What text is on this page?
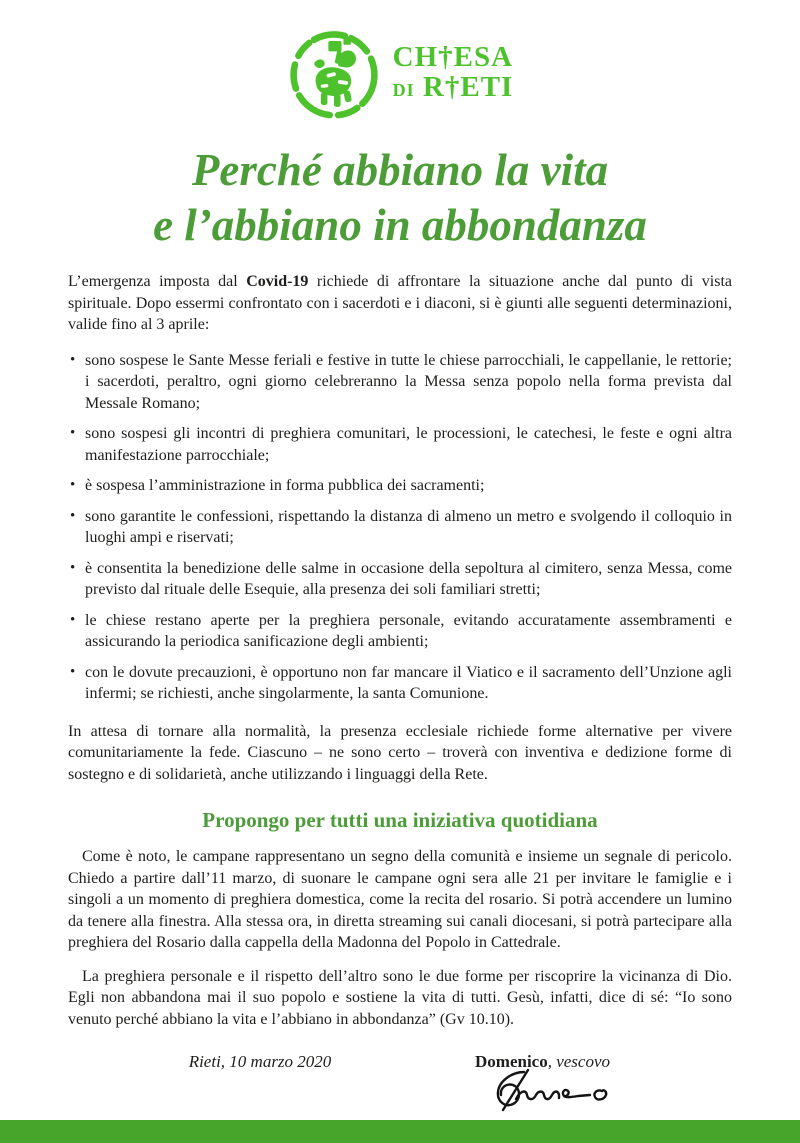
CH†ESA
DI R†ETI
Perché abbiano la vita
e l’abbiano in abbondanza

L’emergenza imposta dal Covid-19 richiede di affrontare la situazione anche dal punto di vista spirituale. Dopo essermi confrontato con i sacerdoti e i diaconi, si è giunti alle seguenti determinazioni, valide fino al 3 aprile:

• sono sospese le Sante Messe feriali e festive in tutte le chiese parrocchiali, le cappellanie, le rettorie; i sacerdoti, peraltro, ogni giorno celebreranno la Messa senza popolo nella forma prevista dal Messale Romano;
• sono sospesi gli incontri di preghiera comunitari, le processioni, le catechesi, le feste e ogni altra manifestazione parrocchiale;
• è sospesa l’amministrazione in forma pubblica dei sacramenti;
• sono garantite le confessioni, rispettando la distanza di almeno un metro e svolgendo il colloquio in luoghi ampi e riservati;
• è consentita la benedizione delle salme in occasione della sepoltura al cimitero, senza Messa, come previsto dal rituale delle Esequie, alla presenza dei soli familiari stretti;
• le chiese restano aperte per la preghiera personale, evitando accuratamente assembramenti e assicurando la periodica sanificazione degli ambienti;
• con le dovute precauzioni, è opportuno non far mancare il Viatico e il sacramento dell’Unzione agli infermi; se richiesti, anche singolarmente, la santa Comunione.

In attesa di tornare alla normalità, la presenza ecclesiale richiede forme alternative per vivere comunitariamente la fede. Ciascuno – ne sono certo – troverà con inventiva e dedizione forme di sostegno e di solidarietà, anche utilizzando i linguaggi della Rete.

Propongo per tutti una iniziativa quotidiana

Come è noto, le campane rappresentano un segno della comunità e insieme un segnale di pericolo. Chiedo a partire dall’11 marzo, di suonare le campane ogni sera alle 21 per invitare le famiglie e i singoli a un momento di preghiera domestica, come la recita del rosario. Si potrà accendere un lumino da tenere alla finestra. Alla stessa ora, in diretta streaming sui canali diocesani, si potrà partecipare alla preghiera del Rosario dalla cappella della Madonna del Popolo in Cattedrale.

La preghiera personale e il rispetto dell’altro sono le due forme per riscoprire la vicinanza di Dio. Egli non abbandona mai il suo popolo e sostiene la vita di tutti. Gesù, infatti, dice di sé: “Io sono venuto perché abbiano la vita e l’abbiano in abbondanza” (Gv 10.10).

Rieti, 10 marzo 2020	Domenico, vescovo
